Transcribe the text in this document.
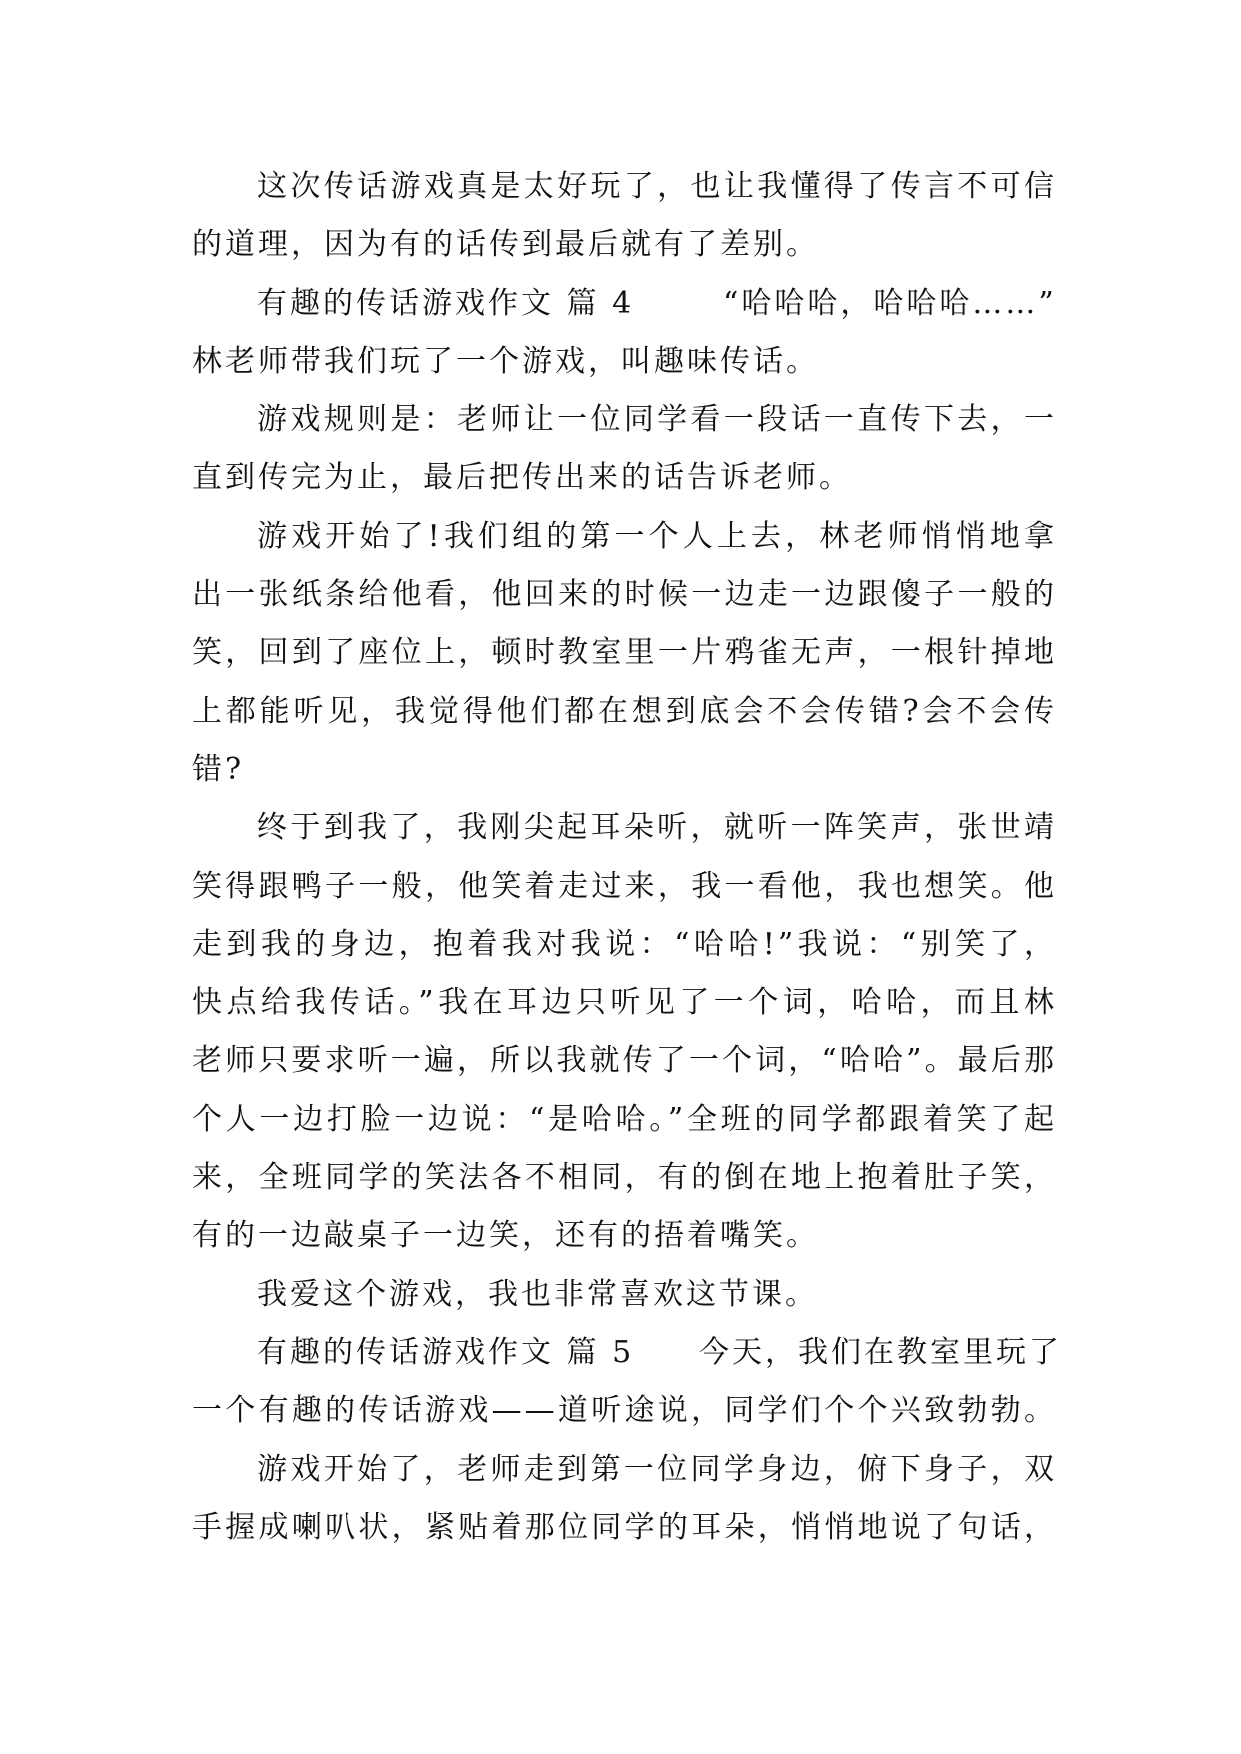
这次传话游戏真是太好玩了，也让我懂得了传言不可信
的道理，因为有的话传到最后就有了差别。
有趣的传话游戏作文 篇 4	“哈哈哈，哈哈哈……”
林老师带我们玩了一个游戏，叫趣味传话。
游戏规则是：老师让一位同学看一段话一直传下去，一
直到传完为止，最后把传出来的话告诉老师。
游戏开始了!我们组的第一个人上去，林老师悄悄地拿
出一张纸条给他看，他回来的时候一边走一边跟傻子一般的
笑，回到了座位上，顿时教室里一片鸦雀无声，一根针掉地
上都能听见，我觉得他们都在想到底会不会传错?会不会传
错?
终于到我了，我刚尖起耳朵听，就听一阵笑声，张世靖
笑得跟鸭子一般，他笑着走过来，我一看他，我也想笑。他
走到我的身边，抱着我对我说：“哈哈!”我说：“别笑了，
快点给我传话。”我在耳边只听见了一个词，哈哈，而且林
老师只要求听一遍，所以我就传了一个词，“哈哈”。最后那
个人一边打脸一边说：“是哈哈。”全班的同学都跟着笑了起
来，全班同学的笑法各不相同，有的倒在地上抱着肚子笑，
有的一边敲桌子一边笑，还有的捂着嘴笑。
我爱这个游戏，我也非常喜欢这节课。
有趣的传话游戏作文 篇 5 今天，我们在教室里玩了
一个有趣的传话游戏——道听途说，同学们个个兴致勃勃。
游戏开始了，老师走到第一位同学身边，俯下身子，双
手握成喇叭状，紧贴着那位同学的耳朵，悄悄地说了句话，
